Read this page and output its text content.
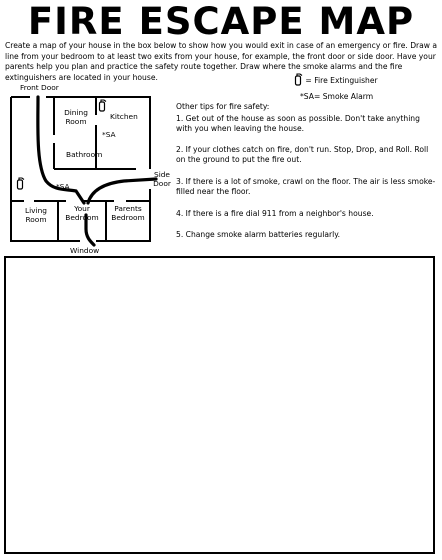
FIRE ESCAPE MAP
Create a map of your house in the box below to show how you would exit in case of an emergency or fire. Draw a line from your bedroom to at least two exits from your house, for example, the front door or side door. Have your parents help you plan and practice the safety route together. Draw where the smoke alarms and the fire extinguishers are located in your house.	= Fire Extinguisher
*SA= Smoke Alarm
Front Door
Dining Room
Kitchen
*SA
Bathroom
*SA
Side Door
Living Room
Your Bedroom
Parents Bedroom
Window
Other tips for fire safety:
1. Get out of the house as soon as possible. Don't take anything with you when leaving the house.
2. If your clothes catch on fire, don't run. Stop, Drop, and Roll. Roll on the ground to put the fire out.
3. If there is a lot of smoke, crawl on the floor. The air is less smoke-filled near the floor.
4. If there is a fire dial 911 from a neighbor's house.
5. Change smoke alarm batteries regularly.
